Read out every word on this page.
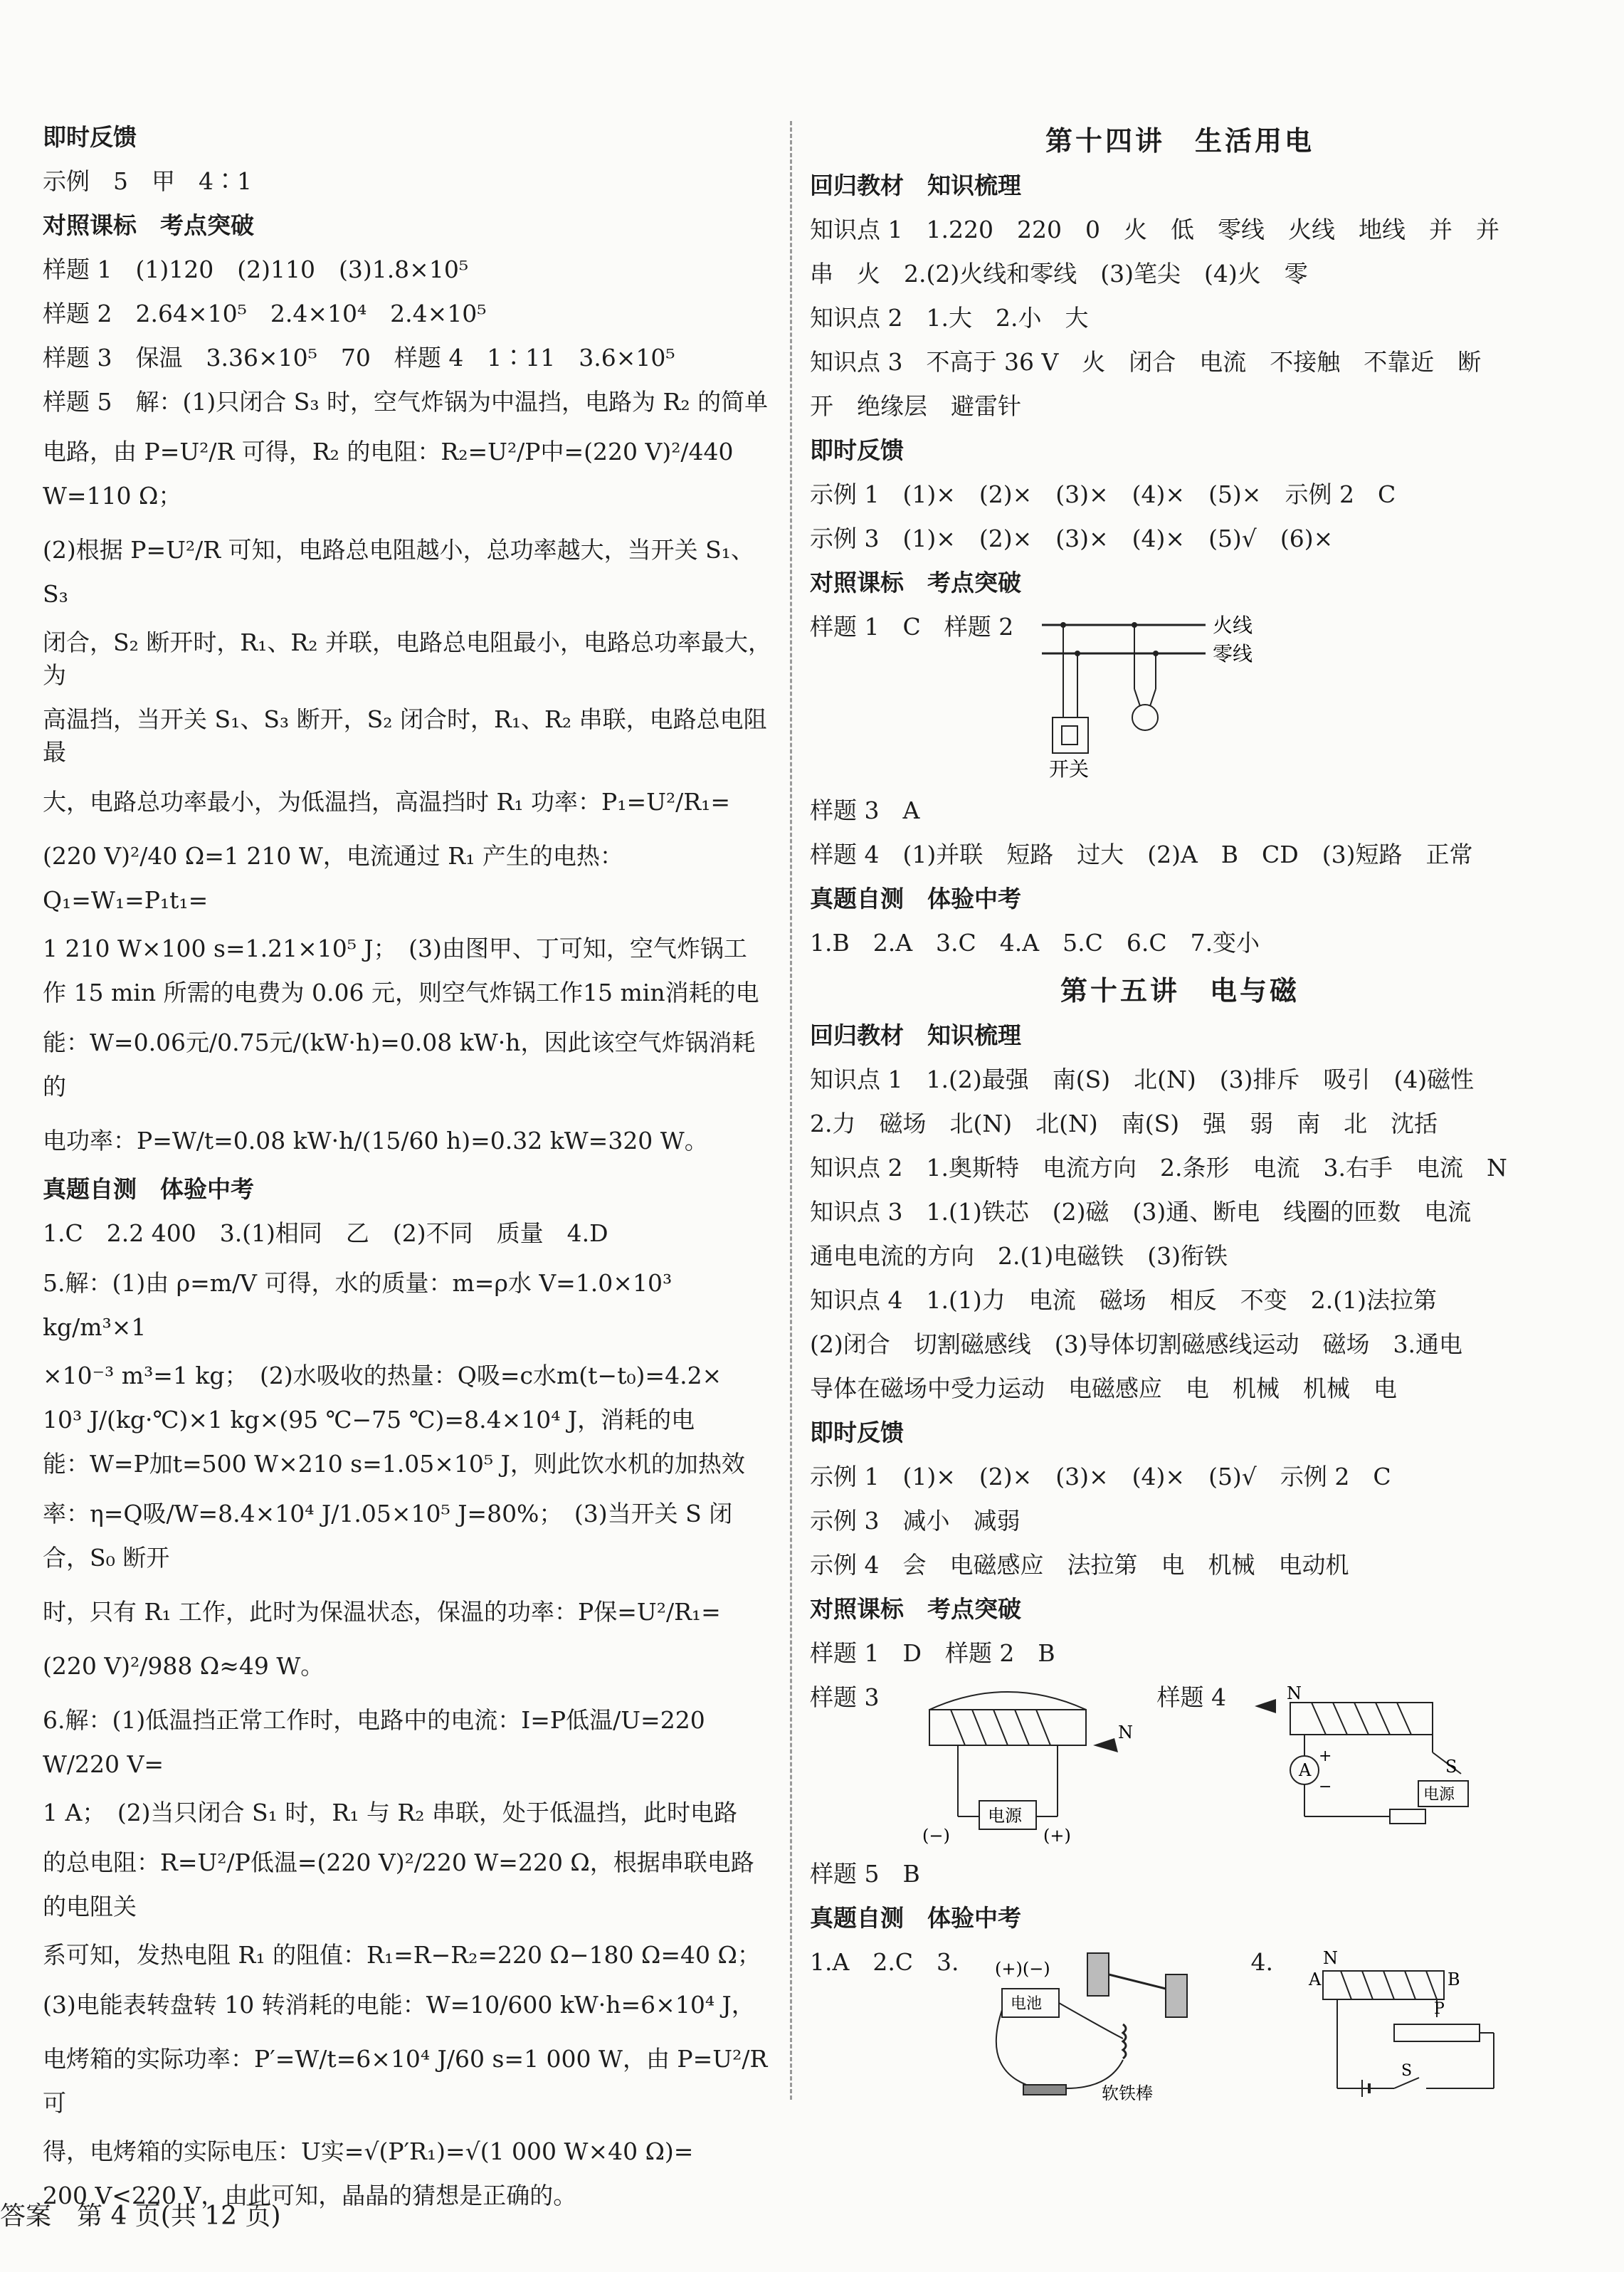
即时反馈
示例　5　甲　4∶1
对照课标　考点突破
样题 1　(1)120　(2)110　(3)1.8×10⁵
样题 2　2.64×10⁵　2.4×10⁴　2.4×10⁵
样题 3　保温　3.36×10⁵　70　样题 4　1∶11　3.6×10⁵
样题 5　解：(1)只闭合 S₃ 时，空气炸锅为中温挡，电路为 R₂ 的简单
电路，由 P=U²/R 可得，R₂ 的电阻：R₂=U²/P中=(220 V)²/440 W=110 Ω；
(2)根据 P=U²/R 可知，电路总电阻越小，总功率越大，当开关 S₁、S₃
闭合，S₂ 断开时，R₁、R₂ 并联，电路总电阻最小，电路总功率最大，为
高温挡，当开关 S₁、S₃ 断开，S₂ 闭合时，R₁、R₂ 串联，电路总电阻最
大，电路总功率最小，为低温挡，高温挡时 R₁ 功率：P₁=U²/R₁=
(220 V)²/40 Ω=1 210 W，电流通过 R₁ 产生的电热：Q₁=W₁=P₁t₁=
1 210 W×100 s=1.21×10⁵ J；　(3)由图甲、丁可知，空气炸锅工
作 15 min 所需的电费为 0.06 元，则空气炸锅工作15 min消耗的电
能：W=0.06元/0.75元/(kW·h)=0.08 kW·h，因此该空气炸锅消耗的
电功率：P=W/t=0.08 kW·h/(15/60 h)=0.32 kW=320 W。
真题自测　体验中考
1.C　2.2 400　3.(1)相同　乙　(2)不同　质量　4.D
5.解：(1)由 ρ=m/V 可得，水的质量：m=ρ水 V=1.0×10³ kg/m³×1
×10⁻³ m³=1 kg；　(2)水吸收的热量：Q吸=c水m(t−t₀)=4.2×
10³ J/(kg·℃)×1 kg×(95 ℃−75 ℃)=8.4×10⁴ J，消耗的电
能：W=P加t=500 W×210 s=1.05×10⁵ J，则此饮水机的加热效
率：η=Q吸/W=8.4×10⁴ J/1.05×10⁵ J=80%；　(3)当开关 S 闭合，S₀ 断开
时，只有 R₁ 工作，此时为保温状态，保温的功率：P保=U²/R₁=
(220 V)²/988 Ω≈49 W。
6.解：(1)低温挡正常工作时，电路中的电流：I=P低温/U=220 W/220 V=
1 A；　(2)当只闭合 S₁ 时，R₁ 与 R₂ 串联，处于低温挡，此时电路
的总电阻：R=U²/P低温=(220 V)²/220 W=220 Ω，根据串联电路的电阻关
系可知，发热电阻 R₁ 的阻值：R₁=R−R₂=220 Ω−180 Ω=40 Ω；
(3)电能表转盘转 10 转消耗的电能：W=10/600 kW·h=6×10⁴ J，
电烤箱的实际功率：P′=W/t=6×10⁴ J/60 s=1 000 W，由 P=U²/R 可
得，电烤箱的实际电压：U实=√(P′R₁)=√(1 000 W×40 Ω)=
200 V<220 V，由此可知，晶晶的猜想是正确的。
第十四讲　生活用电
回归教材　知识梳理
知识点 1　1.220　220　0　火　低　零线　火线　地线　并　并
串　火　2.(2)火线和零线　(3)笔尖　(4)火　零
知识点 2　1.大　2.小　大
知识点 3　不高于 36 V　火　闭合　电流　不接触　不靠近　断
开　绝缘层　避雷针
即时反馈
示例 1　(1)×　(2)×　(3)×　(4)×　(5)×　示例 2　C
示例 3　(1)×　(2)×　(3)×　(4)×　(5)√　(6)×
对照课标　考点突破
样题 1　C　样题 2	火线
零线
开关
样题 3　A
样题 4　(1)并联　短路　过大　(2)A　B　CD　(3)短路　正常
真题自测　体验中考
1.B　2.A　3.C　4.A　5.C　6.C　7.变小
第十五讲　电与磁
回归教材　知识梳理
知识点 1　1.(2)最强　南(S)　北(N)　(3)排斥　吸引　(4)磁性
2.力　磁场　北(N)　北(N)　南(S)　强　弱　南　北　沈括
知识点 2　1.奥斯特　电流方向　2.条形　电流　3.右手　电流　N
知识点 3　1.(1)铁芯　(2)磁　(3)通、断电　线圈的匝数　电流
通电电流的方向　2.(1)电磁铁　(3)衔铁
知识点 4　1.(1)力　电流　磁场　相反　不变　2.(1)法拉第
(2)闭合　切割磁感线　(3)导体切割磁感线运动　磁场　3.通电
导体在磁场中受力运动　电磁感应　电　机械　机械　电
即时反馈
示例 1　(1)×　(2)×　(3)×　(4)×　(5)√　示例 2　C
示例 3　减小　减弱
示例 4　会　电磁感应　法拉第　电　机械　电动机
对照课标　考点突破
样题 1　D　样题 2　B
样题 3
电源
(−)	(+)
N
样题 4	N
A
+
−
S
电源
样题 5　B
真题自测　体验中考
1.A　2.C　3. (+)(−)
电池
软铁棒
4.	N
A	B
P
S
答案　第 4 页(共 12 页)
